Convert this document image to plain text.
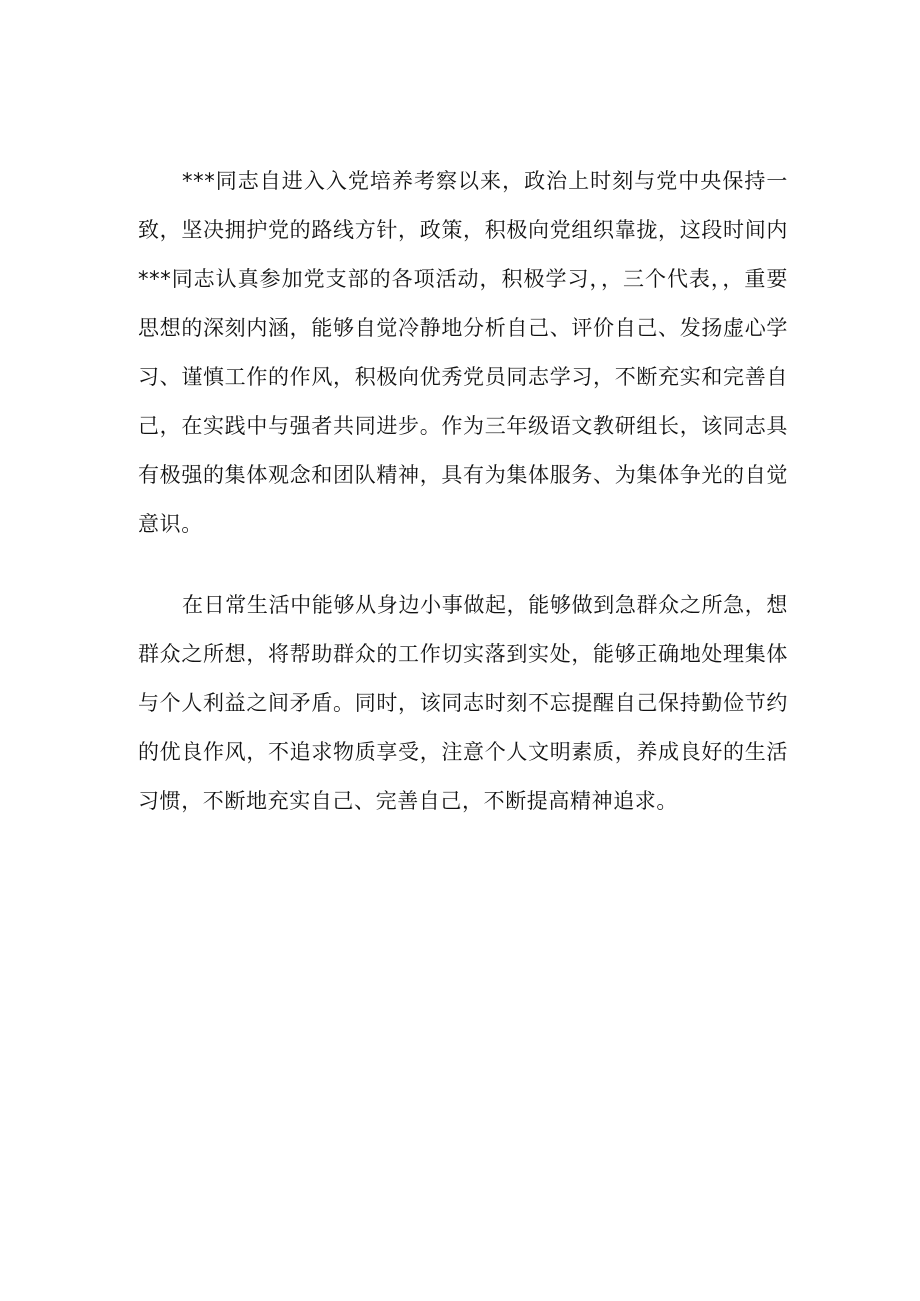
***同志自进入入党培养考察以来，政治上时刻与党中央保持一致，坚决拥护党的路线方针，政策，积极向党组织靠拢，这段时间内***同志认真参加党支部的各项活动，积极学习，，三个代表，，重要思想的深刻内涵，能够自觉冷静地分析自己、评价自己、发扬虚心学习、谨慎工作的作风，积极向优秀党员同志学习，不断充实和完善自己，在实践中与强者共同进步。作为三年级语文教研组长，该同志具有极强的集体观念和团队精神，具有为集体服务、为集体争光的自觉意识。

在日常生活中能够从身边小事做起，能够做到急群众之所急，想群众之所想，将帮助群众的工作切实落到实处，能够正确地处理集体与个人利益之间矛盾。同时，该同志时刻不忘提醒自己保持勤俭节约的优良作风，不追求物质享受，注意个人文明素质，养成良好的生活习惯，不断地充实自己、完善自己，不断提高精神追求。
